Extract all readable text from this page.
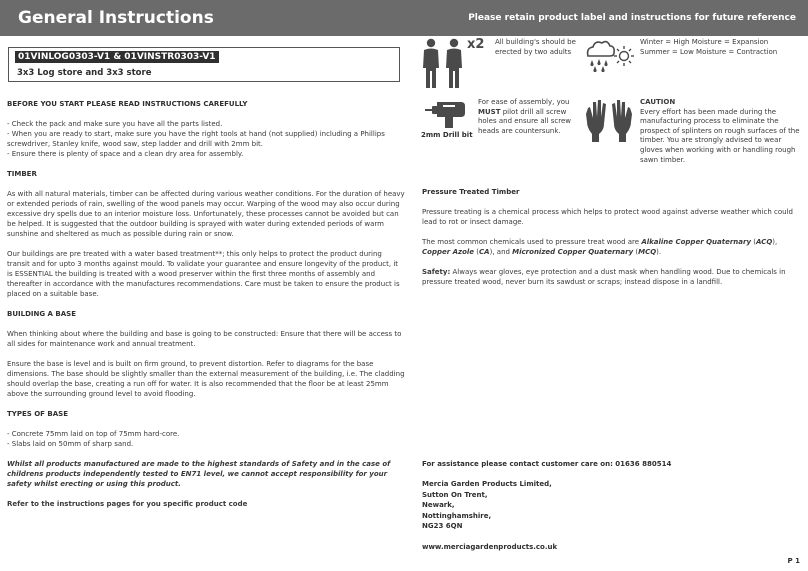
General Instructions	Please retain product label and instructions for future reference
01VINLOG0303-V1 & 01VINSTR0303-V1
3x3 Log store and 3x3 store

BEFORE YOU START PLEASE READ INSTRUCTIONS CAREFULLY

- Check the pack and make sure you have all the parts listed.
- When you are ready to start, make sure you have the right tools at hand (not supplied) including a Phillips screwdriver, Stanley knife, wood saw, step ladder and drill with 2mm bit.
- Ensure there is plenty of space and a clean dry area for assembly.

TIMBER

As with all natural materials, timber can be affected during various weather conditions. For the duration of heavy or extended periods of rain, swelling of the wood panels may occur. Warping of the wood may also occur during excessive dry spells due to an interior moisture loss. Unfortunately, these processes cannot be avoided but can be helped. It is suggested that the outdoor building is sprayed with water during extended periods of warm sunshine and sheltered as much as possible during rain or snow.

Our buildings are pre treated with a water based treatment**; this only helps to protect the product during transit and for upto 3 months against mould. To validate your guarantee and ensure longevity of the product, it is ESSENTIAL the building is treated with a wood preserver within the first three months of assembly and thereafter in accordance with the manufactures recommendations. Care must be taken to ensure the product is placed on a suitable base.

BUILDING A BASE

When thinking about where the building and base is going to be constructed: Ensure that there will be access to all sides for maintenance work and annual treatment.

Ensure the base is level and is built on firm ground, to prevent distortion. Refer to diagrams for the base dimensions. The base should be slightly smaller than the external measurement of the building, i.e. The cladding should overlap the base, creating a run off for water. It is also recommended that the floor be at least 25mm above the surrounding ground level to avoid flooding.

TYPES OF BASE

- Concrete 75mm laid on top of 75mm hard-core.
- Slabs laid on 50mm of sharp sand.

Whilst all products manufactured are made to the highest standards of Safety and in the case of childrens products independently tested to EN71 level, we cannot accept responsibility for your safety whilst erecting or using this product.

Refer to the instructions pages for you specific product code

x2 All building's should be erected by two adults
Winter = High Moisture = Expansion Summer = Low Moisture = Contraction
2mm Drill bit
For ease of assembly, you MUST pilot drill all screw holes and ensure all screw heads are countersunk.
CAUTION
Every effort has been made during the manufacturing process to eliminate the prospect of splinters on rough surfaces of the timber. You are strongly advised to wear gloves when working with or handling rough sawn timber.

Pressure Treated Timber

Pressure treating is a chemical process which helps to protect wood against adverse weather which could lead to rot or insect damage.

The most common chemicals used to pressure treat wood are Alkaline Copper Quaternary (ACQ), Copper Azole (CA), and Micronized Copper Quaternary (MCQ).

Safety: Always wear gloves, eye protection and a dust mask when handling wood. Due to chemicals in pressure treated wood, never burn its sawdust or scraps; instead dispose in a landfill.

For assistance please contact customer care on: 01636 880514
Mercia Garden Products Limited,
Sutton On Trent,
Newark,
Nottinghamshire,
NG23 6QN
www.merciagardenproducts.co.uk
P 1
